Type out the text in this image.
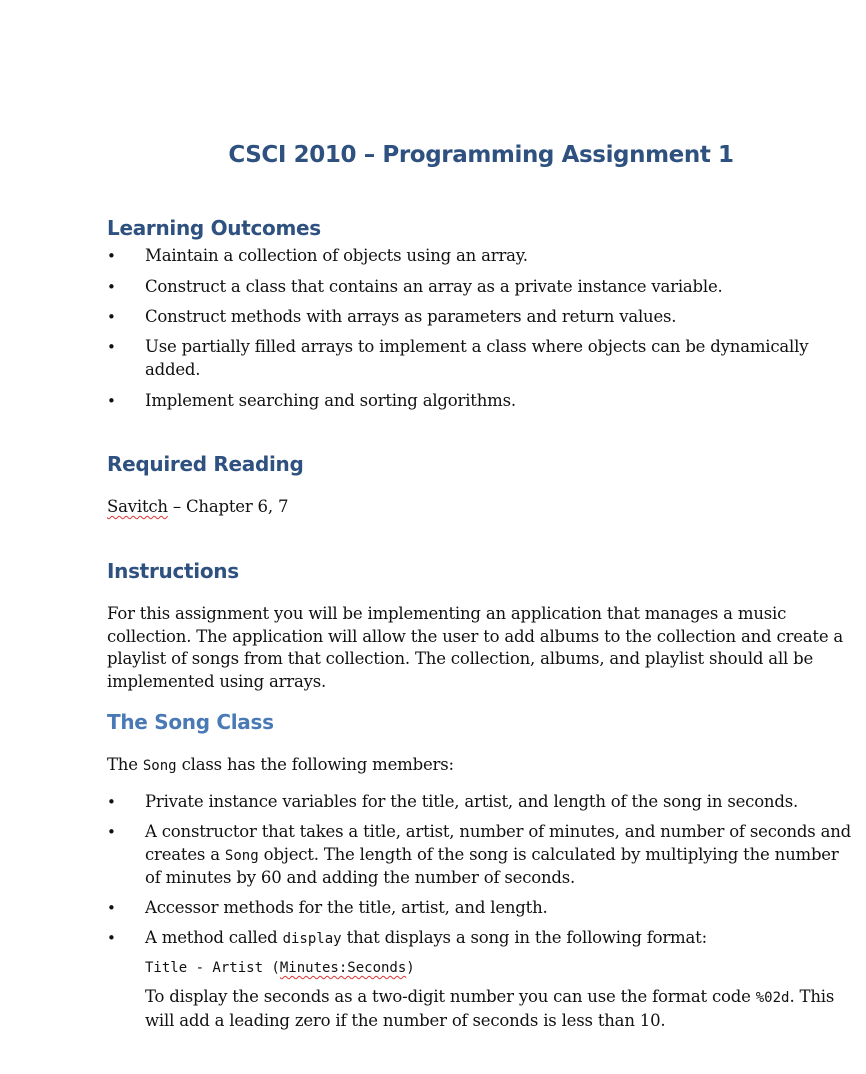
CSCI 2010 – Programming Assignment 1
Learning Outcomes
• Maintain a collection of objects using an array.
• Construct a class that contains an array as a private instance variable.
• Construct methods with arrays as parameters and return values.
• Use partially filled arrays to implement a class where objects can be dynamically added.
• Implement searching and sorting algorithms.
Required Reading
Savitch – Chapter 6, 7
Instructions
For this assignment you will be implementing an application that manages a music collection. The application will allow the user to add albums to the collection and create a playlist of songs from that collection. The collection, albums, and playlist should all be implemented using arrays.
The Song Class
The Song class has the following members:
• Private instance variables for the title, artist, and length of the song in seconds.
• A constructor that takes a title, artist, number of minutes, and number of seconds and creates a Song object. The length of the song is calculated by multiplying the number of minutes by 60 and adding the number of seconds.
• Accessor methods for the title, artist, and length.
• A method called display that displays a song in the following format:
Title - Artist (Minutes:Seconds)
To display the seconds as a two-digit number you can use the format code %02d. This will add a leading zero if the number of seconds is less than 10.
